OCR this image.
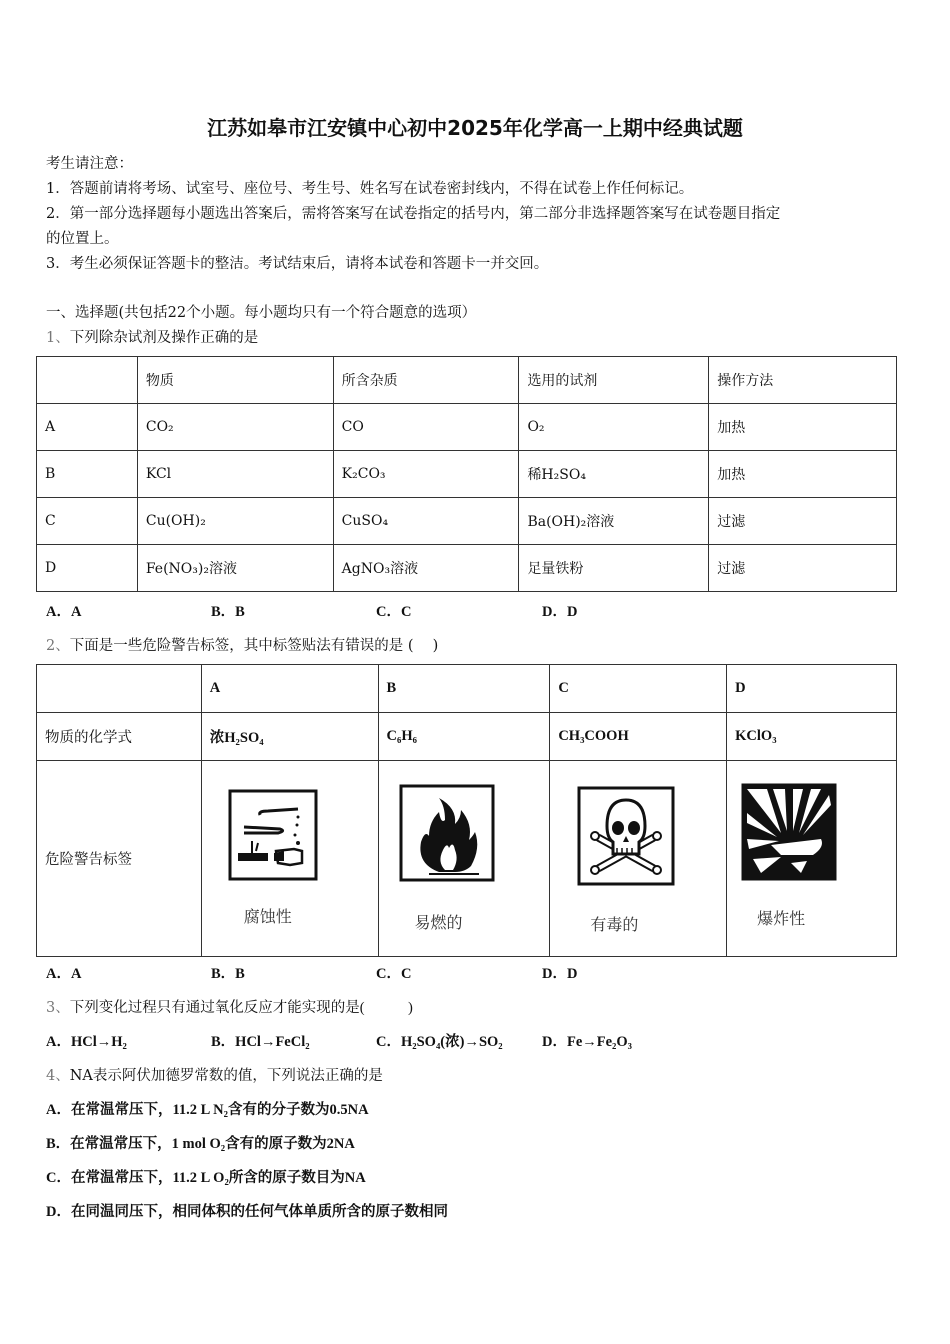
江苏如皋市江安镇中心初中2025年化学高一上期中经典试题
考生请注意：
1．答题前请将考场、试室号、座位号、考生号、姓名写在试卷密封线内，不得在试卷上作任何标记。
2．第一部分选择题每小题选出答案后，需将答案写在试卷指定的括号内，第二部分非选择题答案写在试卷题目指定
的位置上。
3．考生必须保证答题卡的整洁。考试结束后，请将本试卷和答题卡一并交回。
一、选择题(共包括22个小题。每小题均只有一个符合题意的选项）
1、下列除杂试剂及操作正确的是
	物质	所含杂质	选用的试剂	操作方法
A	CO₂	CO	O₂	加热
B	KCl	K₂CO₃	稀H₂SO₄	加热
C	Cu(OH)₂	CuSO₄	Ba(OH)₂溶液	过滤
D	Fe(NO₃)₂溶液	AgNO₃溶液	足量铁粉	过滤
A．A	B．B	C．C	D．D
2、下面是一些危险警告标签，其中标签贴法有错误的是 (　 )
	A	B	C	D
物质的化学式	浓H₂SO₄	C₆H₆	CH₃COOH	KClO₃
危险警告标签	腐蚀性	易燃的	有毒的	爆炸性
A．A	B．B	C．C	D．D
3、下列变化过程只有通过氧化反应才能实现的是(　　　)
A．HCl→H₂	B．HCl→FeCl₂	C．H₂SO₄(浓)→SO₂	D．Fe→Fe₂O₃
4、NA表示阿伏加德罗常数的值，下列说法正确的是
A．在常温常压下，11.2 L N₂含有的分子数为0.5NA
B．在常温常压下，1 mol O₂含有的原子数为2NA
C．在常温常压下，11.2 L O₂所含的原子数目为NA
D．在同温同压下，相同体积的任何气体单质所含的原子数相同
